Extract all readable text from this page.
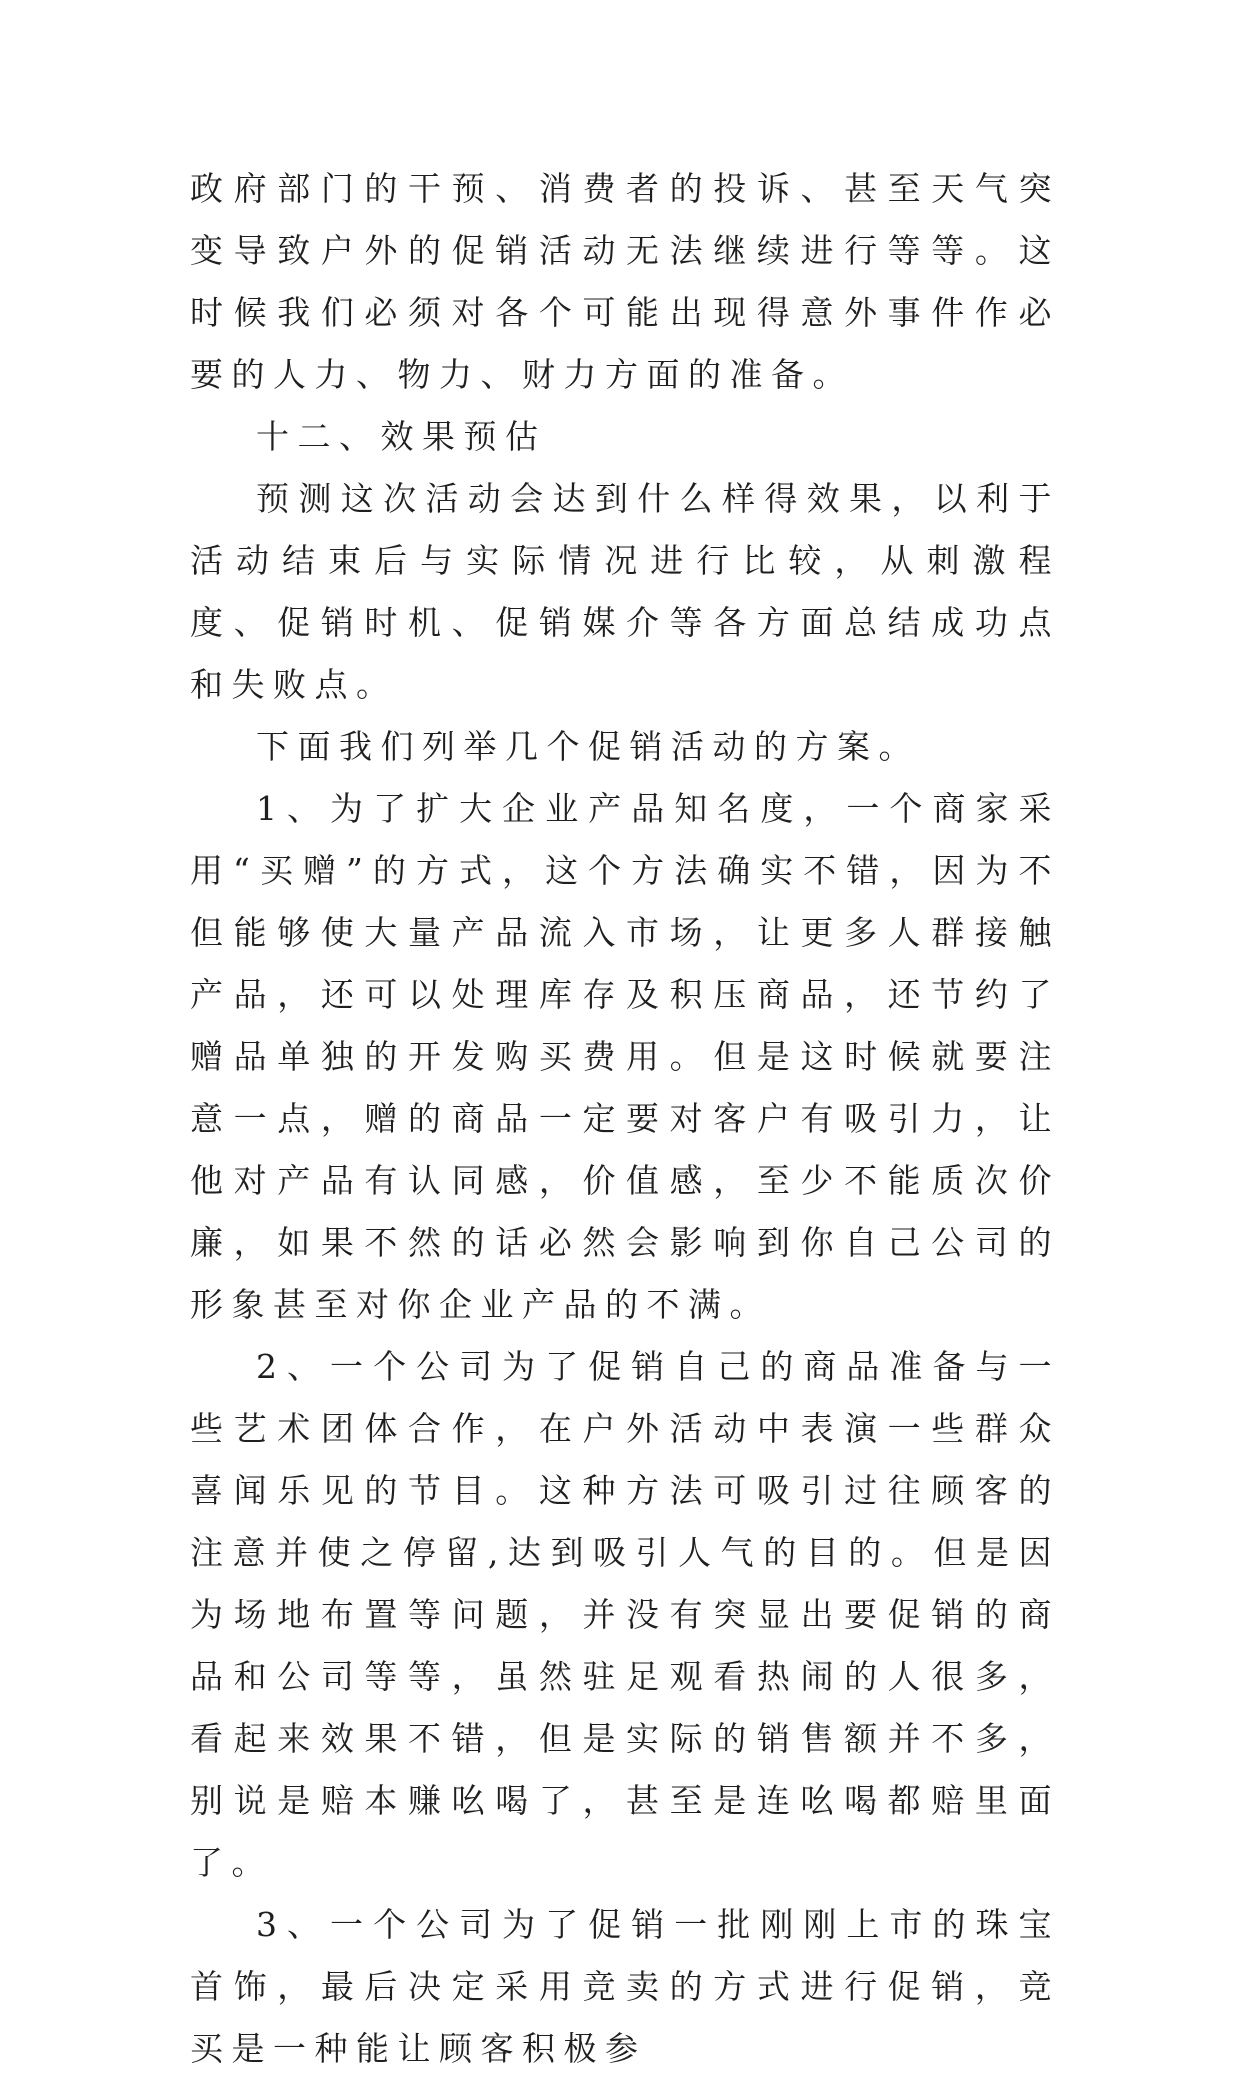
政府部门的干预、消费者的投诉、甚至天气突变导致户外的促销活动无法继续进行等等。这时候我们必须对各个可能出现得意外事件作必要的人力、物力、财力方面的准备。

十二、效果预估

预测这次活动会达到什么样得效果，以利于活动结束后与实际情况进行比较，从刺激程度、促销时机、促销媒介等各方面总结成功点和失败点。

下面我们列举几个促销活动的方案。

1、为了扩大企业产品知名度，一个商家采用“买赠”的方式，这个方法确实不错，因为不但能够使大量产品流入市场，让更多人群接触产品，还可以处理库存及积压商品，还节约了赠品单独的开发购买费用。但是这时候就要注意一点，赠的商品一定要对客户有吸引力，让他对产品有认同感，价值感，至少不能质次价廉，如果不然的话必然会影响到你自己公司的形象甚至对你企业产品的不满。

2、一个公司为了促销自己的商品准备与一些艺术团体合作，在户外活动中表演一些群众喜闻乐见的节目。这种方法可吸引过往顾客的注意并使之停留,达到吸引人气的目的。但是因为场地布置等问题，并没有突显出要促销的商品和公司等等，虽然驻足观看热闹的人很多，看起来效果不错，但是实际的销售额并不多，别说是赔本赚吆喝了，甚至是连吆喝都赔里面了。

3、一个公司为了促销一批刚刚上市的珠宝首饰，最后决定采用竞卖的方式进行促销，竞买是一种能让顾客积极参
